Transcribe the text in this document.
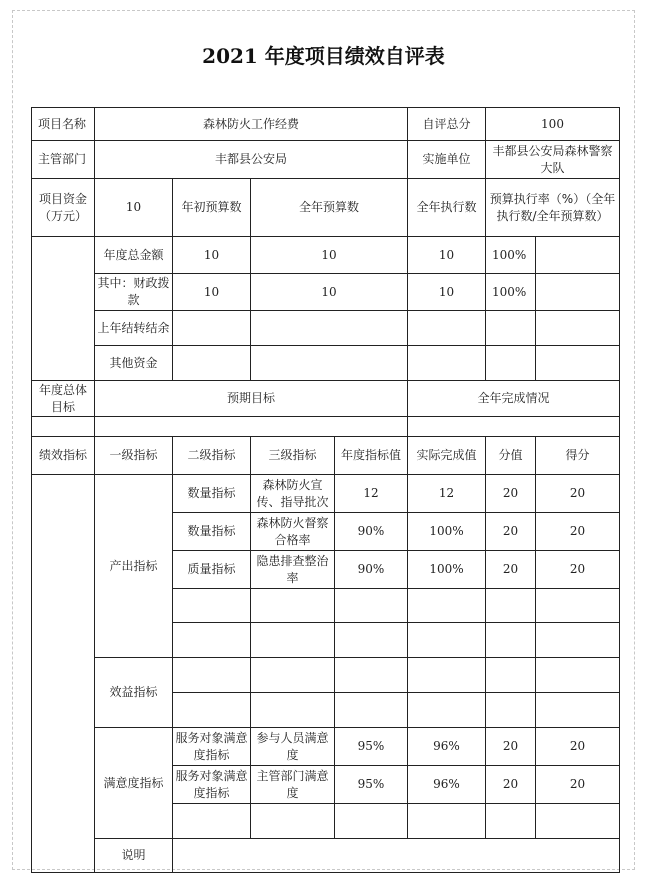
2021 年度项目绩效自评表
项目名称	森林防火工作经费				自评总分	100	
主管部门	丰都县公安局				实施单位	丰都县公安局森林警察大队	
项目资金（万元）	10	年初预算数	全年预算数		全年执行数	预算执行率（%）（全年执行数/全年预算数）	
	年度总金额	10	10		10	100%	
	其中：财政拨款	10	10		10	100%	
	上年结转结余						
	其他资金						
年度总体目标	预期目标				全年完成情况		

绩效指标	一级指标	二级指标	三级指标	年度指标值	实际完成值	分值	得分
	产出指标	数量指标	森林防火宣传、指导批次	12	12	20	20
		数量指标	森林防火督察合格率	90%	100%	20	20
		质量指标	隐患排查整治率	90%	100%	20	20

	效益指标						

	满意度指标	服务对象满意度指标	参与人员满意度	95%	96%	20	20
		服务对象满意度指标	主管部门满意度	95%	96%	20	20

	说明						
